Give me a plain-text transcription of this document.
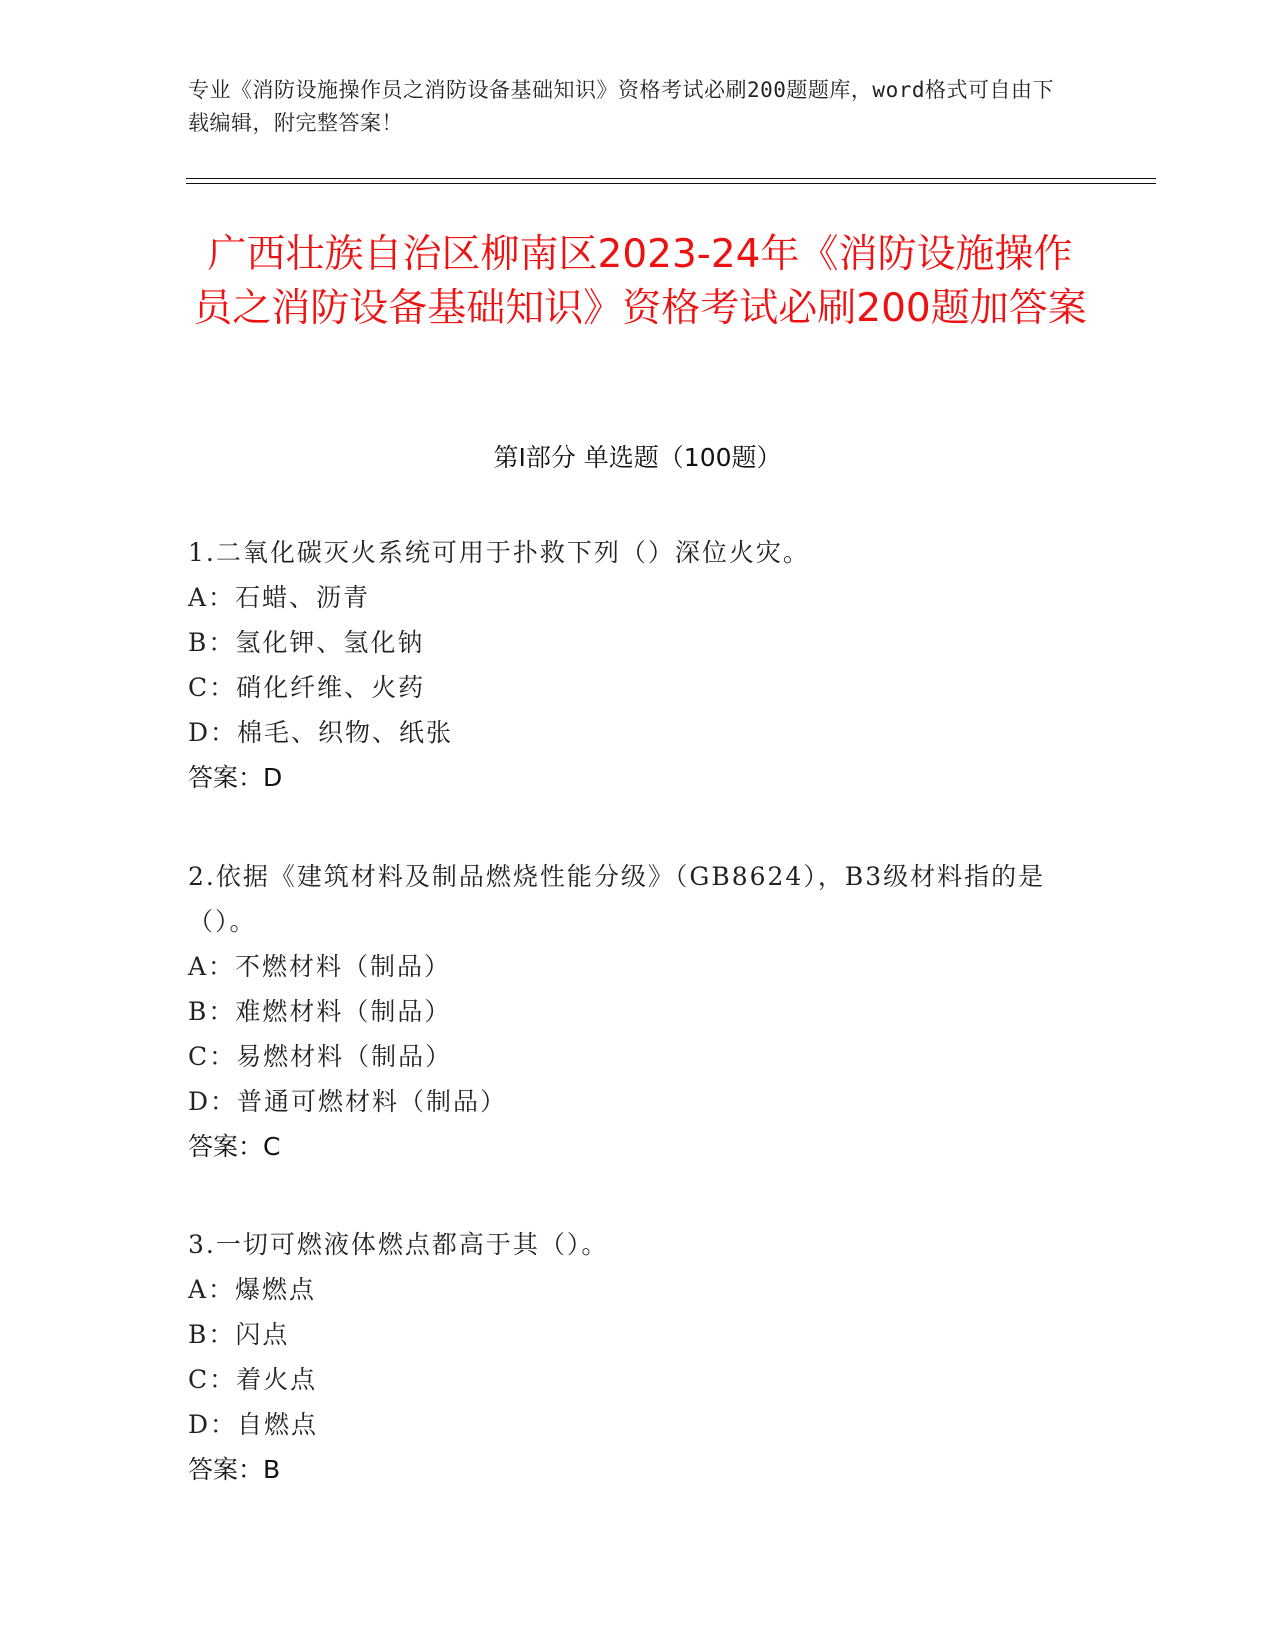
专业《消防设施操作员之消防设备基础知识》资格考试必刷200题题库，word格式可自由下载编辑，附完整答案！
广西壮族自治区柳南区2023-24年《消防设施操作员之消防设备基础知识》资格考试必刷200题加答案
第Ⅰ部分 单选题（100题）
1.二氧化碳灭火系统可用于扑救下列（）深位火灾。
A：石蜡、沥青
B：氢化钾、氢化钠
C：硝化纤维、火药
D：棉毛、织物、纸张
答案：D
2.依据《建筑材料及制品燃烧性能分级》（GB8624），B3级材料指的是（）。
A：不燃材料（制品）
B：难燃材料（制品）
C：易燃材料（制品）
D：普通可燃材料（制品）
答案：C
3.一切可燃液体燃点都高于其（）。
A：爆燃点
B：闪点
C：着火点
D：自燃点
答案：B
